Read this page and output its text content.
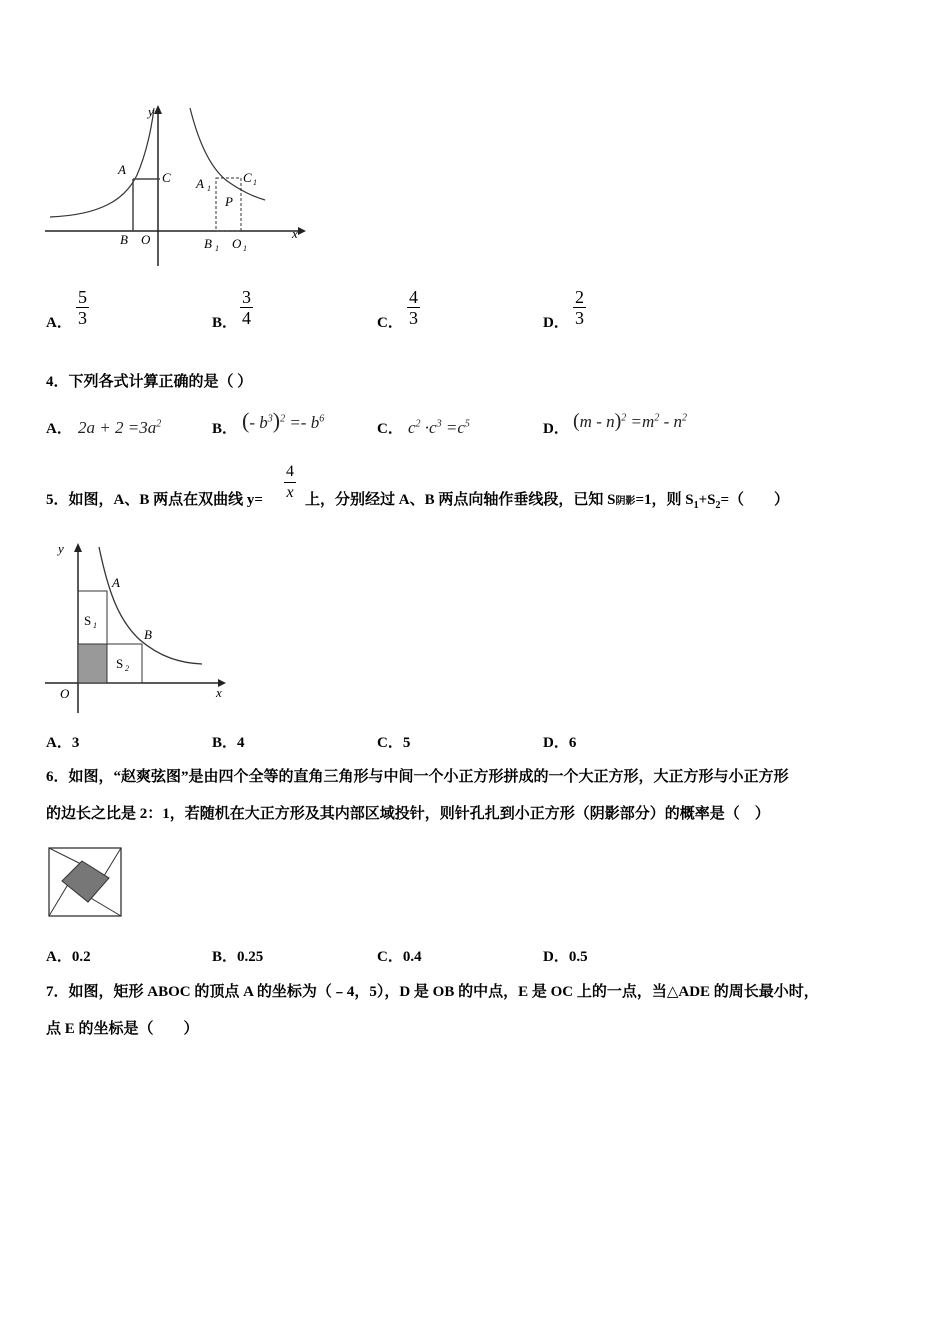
y
x
A
C
B O
A 1
C 1
P
B 1 O 1
A． $\frac{5}{3}$	B． $\frac{3}{4}$	C． $\frac{4}{3}$	D． $\frac{2}{3}$
4．下列各式计算正确的是（ ）
A． $2a + 2 =3a^2$	B． (- $b^3)^2 =- b^6$
C． $c^2 \cdot c^3 =c^5$	D． $(m - n)^2 =m^2 - n^2$
5．如图，A、B 两点在双曲线 $y= \frac{4}{x}$ 上，分别经过 A、B 两点向轴作垂线段，已知 S阴影=1，则 $S_1+S_2=$（　　）
y
x
O
A
B
S 1
S 2
A．3	B．4	C．5	D．6
6．如图，“赵爽弦图”是由四个全等的直角三角形与中间一个小正方形拼成的一个大正方形，大正方形与小正方形
的边长之比是 2：1，若随机在大正方形及其内部区域投针，则针孔扎到小正方形（阴影部分）的概率是（　）
A．0.2	B．0.25	C．0.4	D．0.5
7．如图，矩形 ABOC 的顶点 A 的坐标为（﹣4，5），D 是 OB 的中点，E 是 OC 上的一点，当△ADE 的周长最小时，
点 E 的坐标是（　　）
